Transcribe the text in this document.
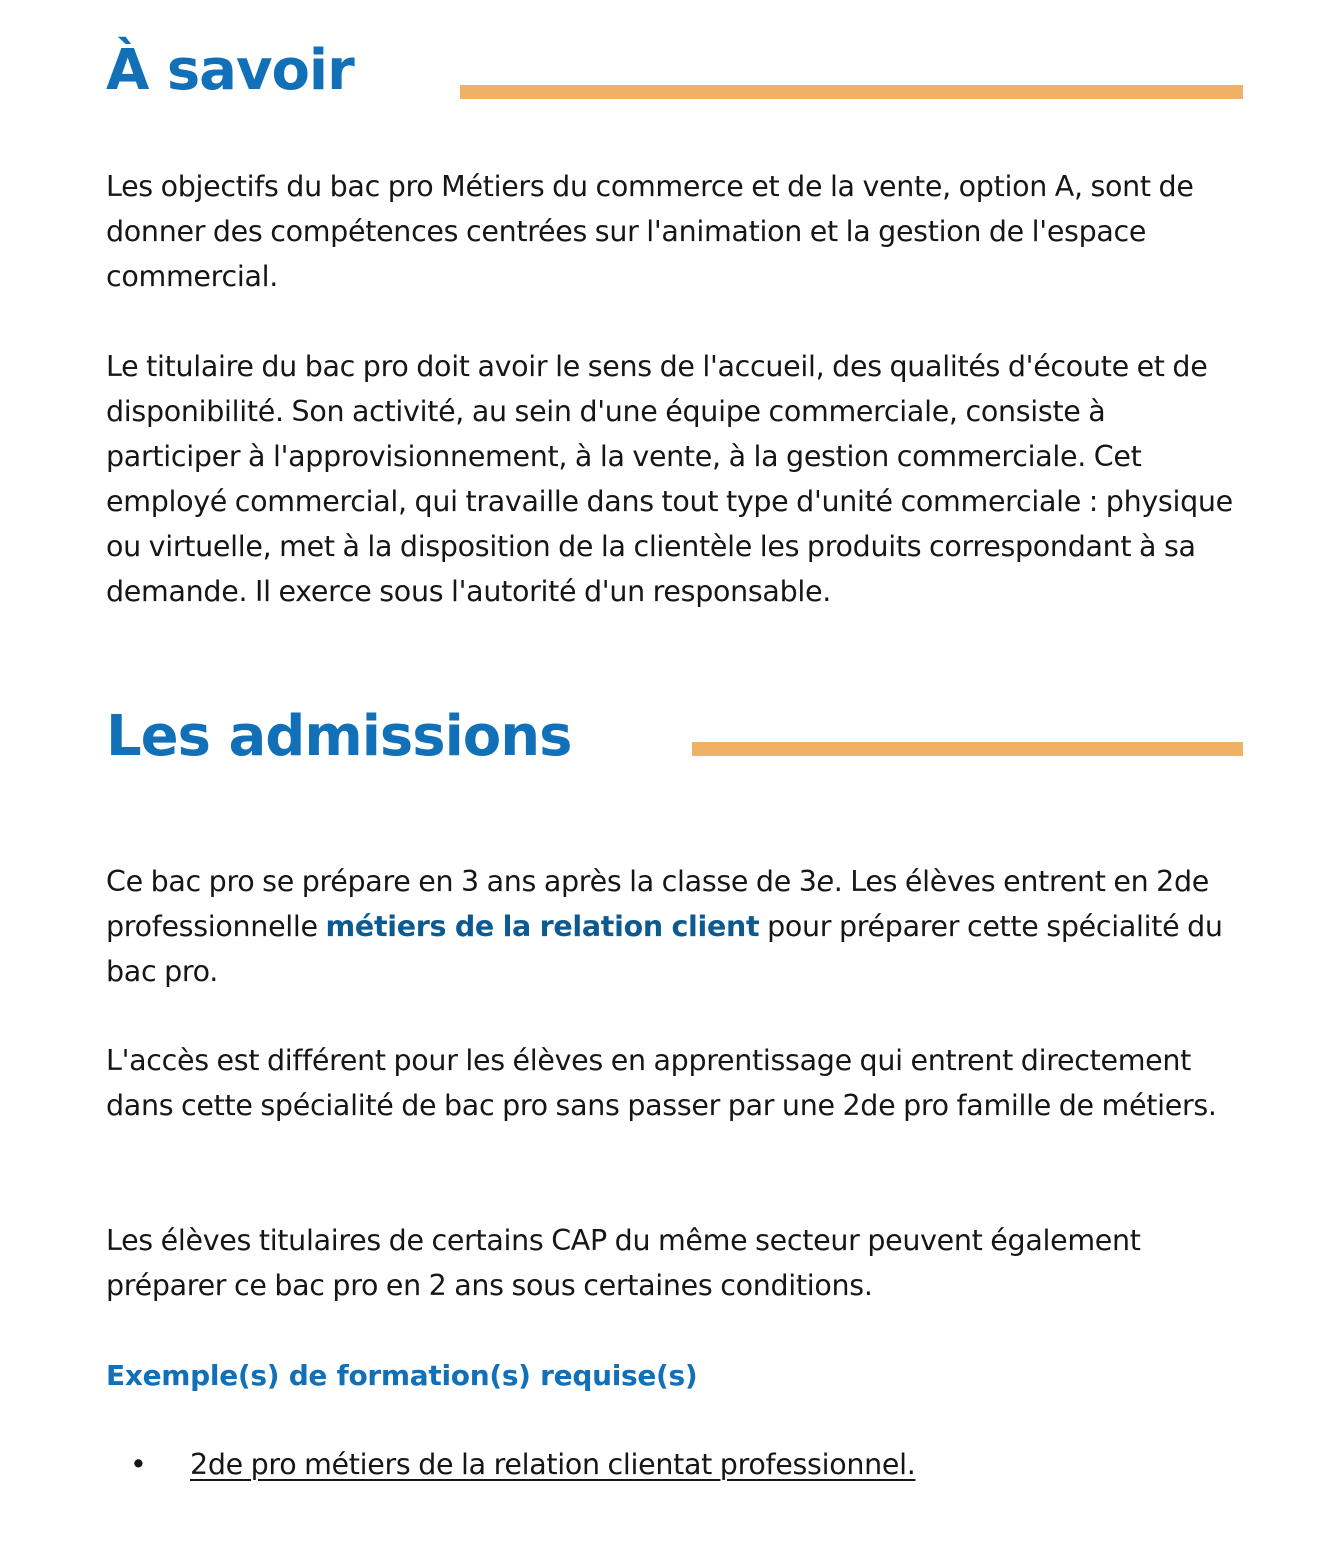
À savoir

Les objectifs du bac pro Métiers du commerce et de la vente, option A, sont de donner des compétences centrées sur l'animation et la gestion de l'espace commercial.

Le titulaire du bac pro doit avoir le sens de l'accueil, des qualités d'écoute et de disponibilité. Son activité, au sein d'une équipe commerciale, consiste à participer à l'approvisionnement, à la vente, à la gestion commerciale. Cet employé commercial, qui travaille dans tout type d'unité commerciale : physique ou virtuelle, met à la disposition de la clientèle les produits correspondant à sa demande. Il exerce sous l'autorité d'un responsable.

Les admissions

Ce bac pro se prépare en 3 ans après la classe de 3e. Les élèves entrent en 2de professionnelle métiers de la relation client pour préparer cette spécialité du bac pro.

L'accès est différent pour les élèves en apprentissage qui entrent directement dans cette spécialité de bac pro sans passer par une 2de pro famille de métiers.

Les élèves titulaires de certains CAP du même secteur peuvent également préparer ce bac pro en 2 ans sous certaines conditions.

Exemple(s) de formation(s) requise(s)
• 2de pro métiers de la relation clientat professionnel.
